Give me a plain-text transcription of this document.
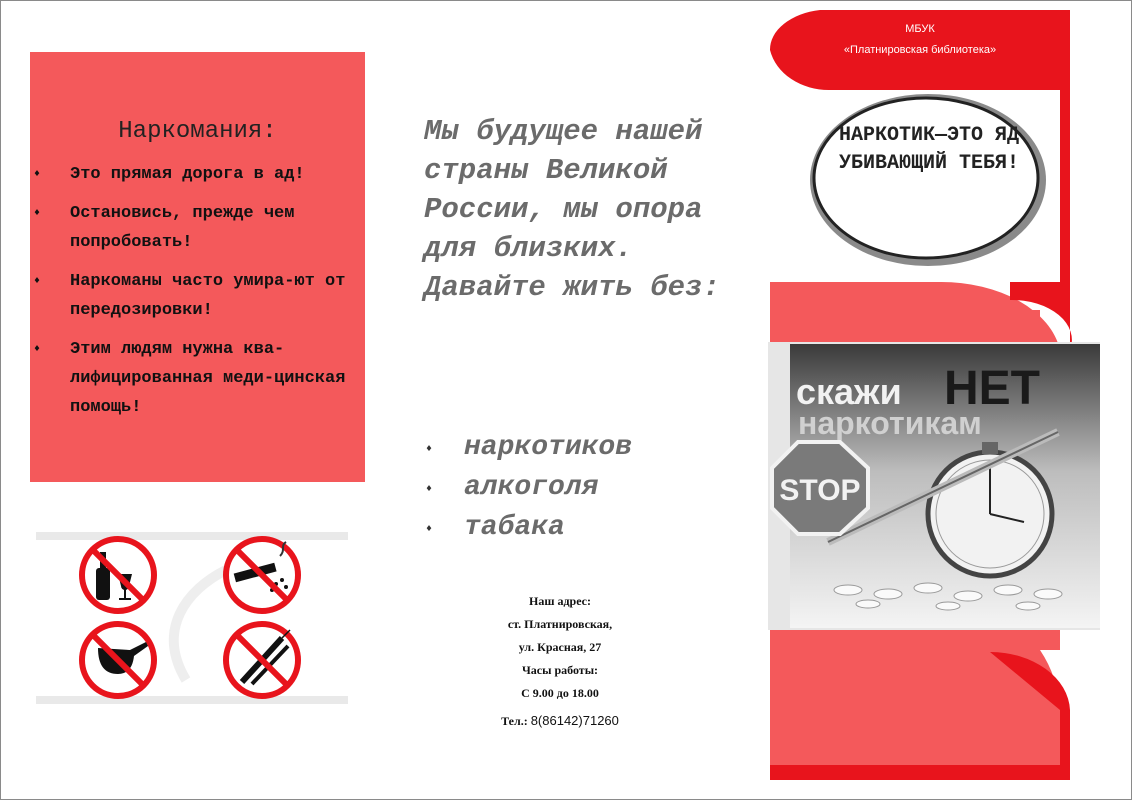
Наркомания:
♦ Это прямая дорога в ад!
♦ Остановись, прежде чем попробовать!
♦ Наркоманы часто умира-ют от передозировки!
♦ Этим людям нужна ква-лифицированная меди-цинская помощь!
Мы будущее нашей страны Великой России, мы опора для близких. Давайте жить без:
♦ наркотиков
♦ алкоголя
♦ табака
Наш адрес:
ст. Платнировская,
ул. Красная, 27
Часы работы:
С 9.00 до 18.00
Тел.: 8(86142)71260
МБУК
«Платнировская библиотека»
НАРКОТИК—ЭТО ЯД УБИВАЮЩИЙ ТЕБЯ!
скажи НЕТ
наркотикам
STOP
